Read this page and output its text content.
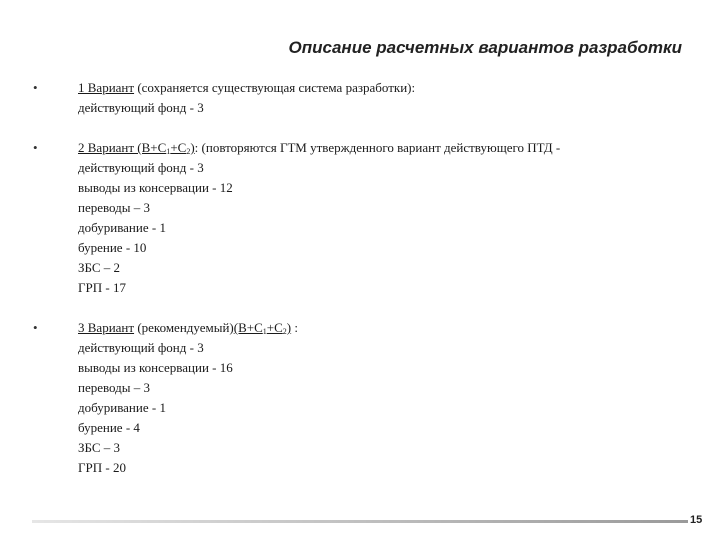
Описание расчетных вариантов разработки
•	1 Вариант (сохраняется существующая система разработки):
действующий фонд - 3
•	2 Вариант $(B+C_1+C_2)$: (повторяются ГТМ утвержденного вариант действующего ПТД -
действующий фонд - 3
выводы из консервации - 12
переводы – 3
добуривание - 1
бурение - 10
ЗБС – 2
ГРП - 17
•	3 Вариант $(рекомендуемый)(B+C_1+C_2)$ :
действующий фонд - 3
выводы из консервации - 16
переводы – 3
добуривание - 1
бурение - 4
ЗБС – 3
ГРП - 20
15
